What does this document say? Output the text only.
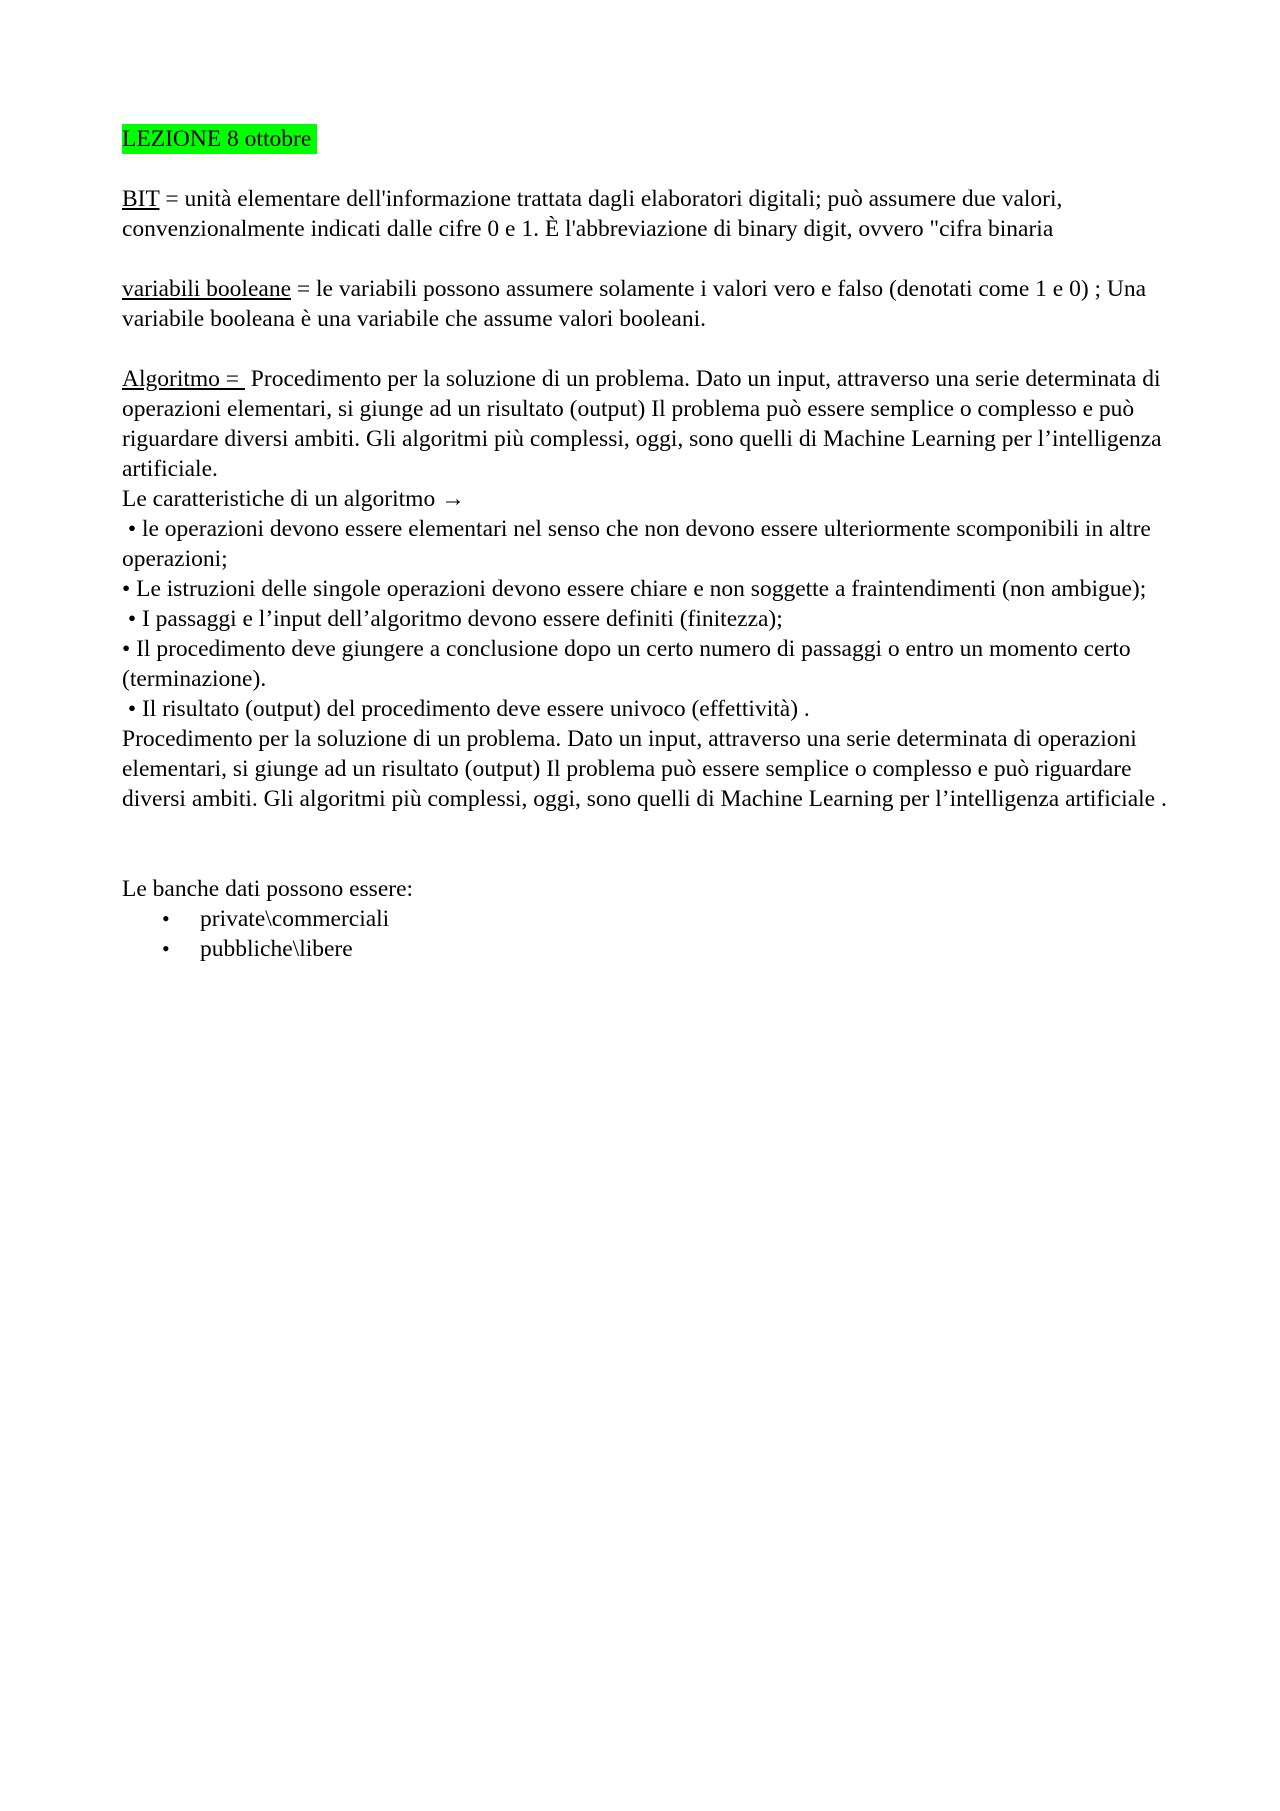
LEZIONE 8 ottobre

BIT = unità elementare dell'informazione trattata dagli elaboratori digitali; può assumere due valori, convenzionalmente indicati dalle cifre 0 e 1. È l'abbreviazione di binary digit, ovvero "cifra binaria

variabili booleane = le variabili possono assumere solamente i valori vero e falso (denotati come 1 e 0) ; Una variabile booleana è una variabile che assume valori booleani.

Algoritmo =  Procedimento per la soluzione di un problema. Dato un input, attraverso una serie determinata di operazioni elementari, si giunge ad un risultato (output) Il problema può essere semplice o complesso e può riguardare diversi ambiti. Gli algoritmi più complessi, oggi, sono quelli di Machine Learning per l’intelligenza artificiale.

Le caratteristiche di un algoritmo →

• le operazioni devono essere elementari nel senso che non devono essere ulteriormente scomponibili in altre operazioni;

• Le istruzioni delle singole operazioni devono essere chiare e non soggette a fraintendimenti (non ambigue);

• I passaggi e l’input dell’algoritmo devono essere definiti (finitezza);

• Il procedimento deve giungere a conclusione dopo un certo numero di passaggi o entro un momento certo (terminazione).

• Il risultato (output) del procedimento deve essere univoco (effettività) .

Procedimento per la soluzione di un problema. Dato un input, attraverso una serie determinata di operazioni elementari, si giunge ad un risultato (output) Il problema può essere semplice o complesso e può riguardare diversi ambiti. Gli algoritmi più complessi, oggi, sono quelli di Machine Learning per l’intelligenza artificiale .

Le banche dati possono essere:

• private\commerciali
• pubbliche\libere
